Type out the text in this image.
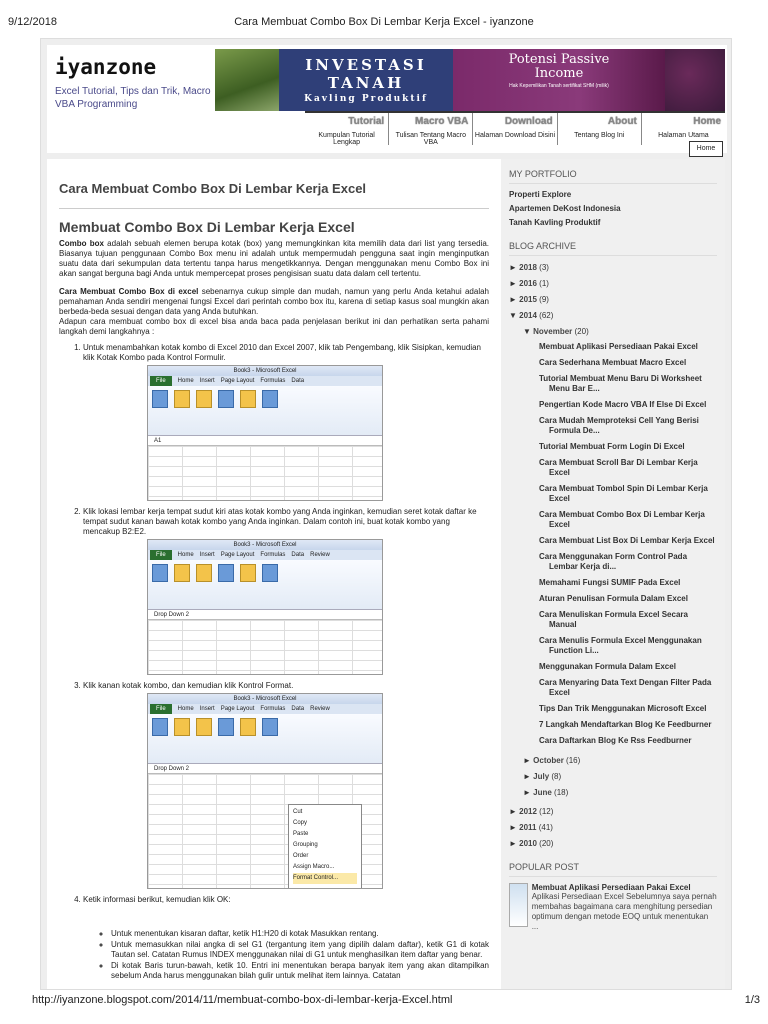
9/12/2018	Cara Membuat Combo Box Di Lembar Kerja Excel - iyanzone
iyanzone
Excel Tutorial, Tips dan Trik, Macro VBA Programming
INVESTASI
TANAH
Kavling Produktif
Potensi Passive
Income
Hak Kepemilikan Tanah sertifikat SHM (milik)
Tutorial
Kumpulan Tutorial Lengkap
Macro VBA
Tulisan Tentang Macro VBA
Download
Halaman Download Disini
About
Tentang Blog Ini
Home
Halaman Utama
Home
Cara Membuat Combo Box Di Lembar Kerja Excel
Membuat Combo Box Di Lembar Kerja Excel

Combo box adalah sebuah elemen berupa kotak (box) yang memungkinkan kita memilih data dari list yang tersedia. Biasanya tujuan penggunaan Combo Box menu ini adalah untuk mempermudah pengguna saat ingin menginputkan suatu data dari sekumpulan data tertentu tanpa harus mengetikkannya. Dengan menggunakan menu Combo Box ini akan sangat berguna bagi Anda untuk mempercepat proses pengisisan suatu data dalam cell tertentu.

Cara Membuat Combo Box di excel sebenarnya cukup simple dan mudah, namun yang perlu Anda ketahui adalah pemahaman Anda sendiri mengenai fungsi Excel dari perintah combo box itu, karena di setiap kasus soal mungkin akan berbeda-beda sesuai dengan data yang Anda butuhkan.

Adapun cara membuat combo box di excel bisa anda baca pada penjelasan berikut ini dan perhatikan serta pahami langkah demi langkahnya :

1. Untuk menambahkan kotak kombo di Excel 2010 dan Excel 2007, klik tab Pengembang, klik Sisipkan, kemudian klik Kotak Kombo pada Kontrol Formulir.
Book3 - Microsoft Excel
File	Home Insert Page Layout Formulas Data
A1
2. Klik lokasi lembar kerja tempat sudut kiri atas kotak kombo yang Anda inginkan, kemudian seret kotak daftar ke tempat sudut kanan bawah kotak kombo yang Anda inginkan. Dalam contoh ini, buat kotak kombo yang mencakup B2:E2.
Book3 - Microsoft Excel
File	Home Insert Page Layout Formulas Data Review
Drop Down 2
3. Klik kanan kotak kombo, dan kemudian klik Kontrol Format.
Book3 - Microsoft Excel
File	Home Insert Page Layout Formulas Data Review
Drop Down 2
Cut
Copy
Paste
Grouping
Order
Assign Macro...
Format Control...
4. Ketik informasi berikut, kemudian klik OK:
◦ Untuk menentukan kisaran daftar, ketik H1:H20 di kotak Masukkan rentang.
◦ Untuk memasukkan nilai angka di sel G1 (tergantung item yang dipilih dalam daftar), ketik G1 di kotak Tautan sel. Catatan Rumus INDEX menggunakan nilai di G1 untuk menghasilkan item daftar yang benar.
◦ Di kotak Baris turun-bawah, ketik 10. Entri ini menentukan berapa banyak item yang akan ditampilkan sebelum Anda harus menggunakan bilah gulir untuk melihat item lainnya. Catatan
MY PORTFOLIO
Properti Explore
Apartemen DeKost Indonesia
Tanah Kavling Produktif
BLOG ARCHIVE
► 2018 (3)
► 2016 (1)
► 2015 (9)
▼ 2014 (62)
▼ November (20)
Membuat Aplikasi Persediaan Pakai Excel
Cara Sederhana Membuat Macro Excel
Tutorial Membuat Menu Baru Di Worksheet Menu Bar E...
Pengertian Kode Macro VBA If Else Di Excel
Cara Mudah Memproteksi Cell Yang Berisi Formula De...
Tutorial Membuat Form Login Di Excel
Cara Membuat Scroll Bar Di Lembar Kerja Excel
Cara Membuat Tombol Spin Di Lembar Kerja Excel
Cara Membuat Combo Box Di Lembar Kerja Excel
Cara Membuat List Box Di Lembar Kerja Excel
Cara Menggunakan Form Control Pada Lembar Kerja di...
Memahami Fungsi SUMIF Pada Excel
Aturan Penulisan Formula Dalam Excel
Cara Menuliskan Formula Excel Secara Manual
Cara Menulis Formula Excel Menggunakan Function Li...
Menggunakan Formula Dalam Excel
Cara Menyaring Data Text Dengan Filter Pada Excel
Tips Dan Trik Menggunakan Microsoft Excel
7 Langkah Mendaftarkan Blog Ke Feedburner
Cara Daftarkan Blog Ke Rss Feedburner
► October (16)
► July (8)
► June (18)
► 2012 (12)
► 2011 (41)
► 2010 (20)
POPULAR POST
Membuat Aplikasi Persediaan Pakai Excel
Aplikasi Persediaan Excel Sebelumnya saya pernah membahas bagaimana cara menghitung persedian optimum dengan metode EOQ untuk menentukan ...
http://iyanzone.blogspot.com/2014/11/membuat-combo-box-di-lembar-kerja-Excel.html	1/3
